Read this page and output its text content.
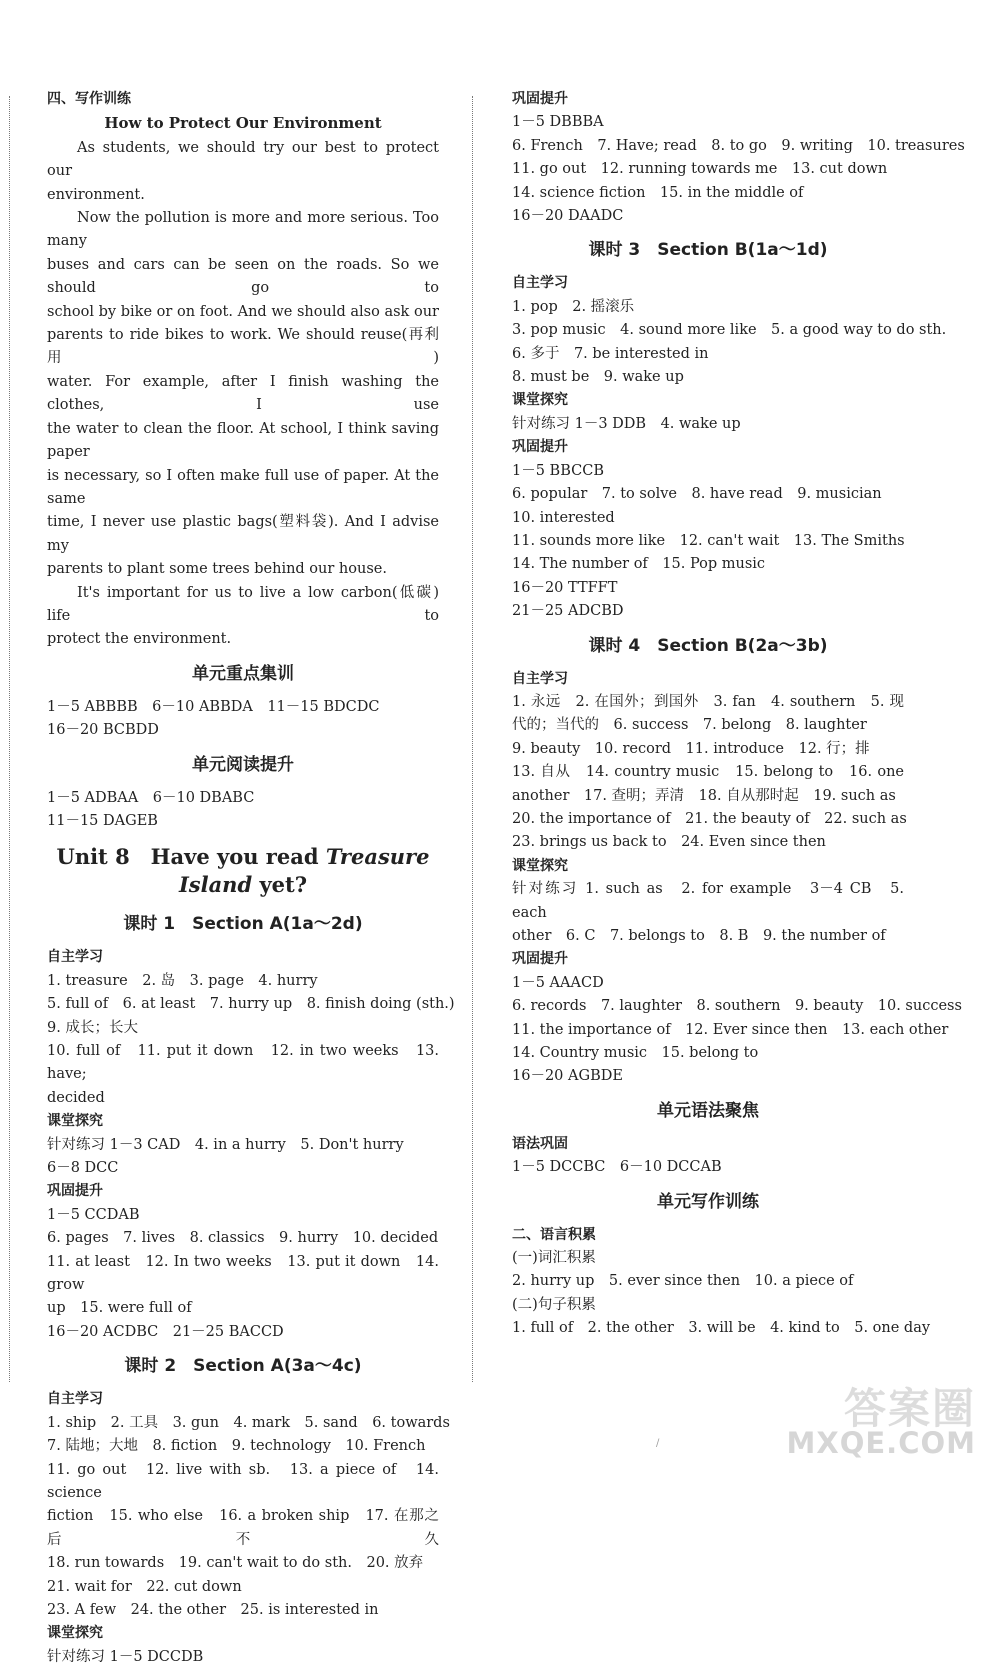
四、写作训练
How to Protect Our Environment
As students, we should try our best to protect our
environment.
Now the pollution is more and more serious. Too many
buses and cars can be seen on the roads. So we should go to
school by bike or on foot. And we should also ask our
parents to ride bikes to work. We should reuse(再利用)
water. For example, after I finish washing the clothes, I use
the water to clean the floor. At school, I think saving paper
is necessary, so I often make full use of paper. At the same
time, I never use plastic bags(塑料袋). And I advise my
parents to plant some trees behind our house.
It's important for us to live a low carbon(低碳) life to
protect the environment.
单元重点集训
1－5 ABBBB　6－10 ABBDA　11－15 BDCDC
16－20 BCBDD
单元阅读提升
1－5 ADBAA　6－10 DBABC
11－15 DAGEB
Unit 8　Have you read Treasure
Island yet?
课时 1　Section A(1a～2d)
自主学习
1. treasure　2. 岛　3. page　4. hurry
5. full of　6. at least　7. hurry up　8. finish doing (sth.)
9. 成长；长大
10. full of　11. put it down　12. in two weeks　13. have;
decided
课堂探究
针对练习 1－3 CAD　4. in a hurry　5. Don't hurry
6－8 DCC
巩固提升
1－5 CCDAB
6. pages　7. lives　8. classics　9. hurry　10. decided
11. at least　12. In two weeks　13. put it down　14. grow
up　15. were full of
16－20 ACDBC　21－25 BACCD
课时 2　Section A(3a～4c)
自主学习
1. ship　2. 工具　3. gun　4. mark　5. sand　6. towards
7. 陆地；大地　8. fiction　9. technology　10. French
11. go out　12. live with sb.　13. a piece of　14. science
fiction　15. who else　16. a broken ship　17. 在那之后不久
18. run towards　19. can't wait to do sth.　20. 放弃
21. wait for　22. cut down
23. A few　24. the other　25. is interested in
课堂探究
针对练习 1－5 DCCDB
巩固提升
1－5 DBBBA
6. French　7. Have; read　8. to go　9. writing　10. treasures
11. go out　12. running towards me　13. cut down
14. science fiction　15. in the middle of
16－20 DAADC
课时 3　Section B(1a～1d)
自主学习
1. pop　2. 摇滚乐
3. pop music　4. sound more like　5. a good way to do sth.
6. 多于　7. be interested in
8. must be　9. wake up
课堂探究
针对练习 1－3 DDB　4. wake up
巩固提升
1－5 BBCCB
6. popular　7. to solve　8. have read　9. musician
10. interested
11. sounds more like　12. can't wait　13. The Smiths
14. The number of　15. Pop music
16－20 TTFFT
21－25 ADCBD
课时 4　Section B(2a～3b)
自主学习
1. 永远　2. 在国外；到国外　3. fan　4. southern　5. 现
代的；当代的　6. success　7. belong　8. laughter
9. beauty　10. record　11. introduce　12. 行；排
13. 自从　14. country music　15. belong to　16. one
another　17. 查明；弄清　18. 自从那时起　19. such as
20. the importance of　21. the beauty of　22. such as
23. brings us back to　24. Even since then
课堂探究
针对练习 1. such as　2. for example　3－4 CB　5. each
other　6. C　7. belongs to　8. B　9. the number of
巩固提升
1－5 AAACD
6. records　7. laughter　8. southern　9. beauty　10. success
11. the importance of　12. Ever since then　13. each other
14. Country music　15. belong to
16－20 AGBDE
单元语法聚焦
语法巩固
1－5 DCCBC　6－10 DCCAB
单元写作训练
二、语言积累
(一)词汇积累
2. hurry up　5. ever since then　10. a piece of
(二)句子积累
1. full of　2. the other　3. will be　4. kind to　5. one day
答案圈
MXQE.COM
/
